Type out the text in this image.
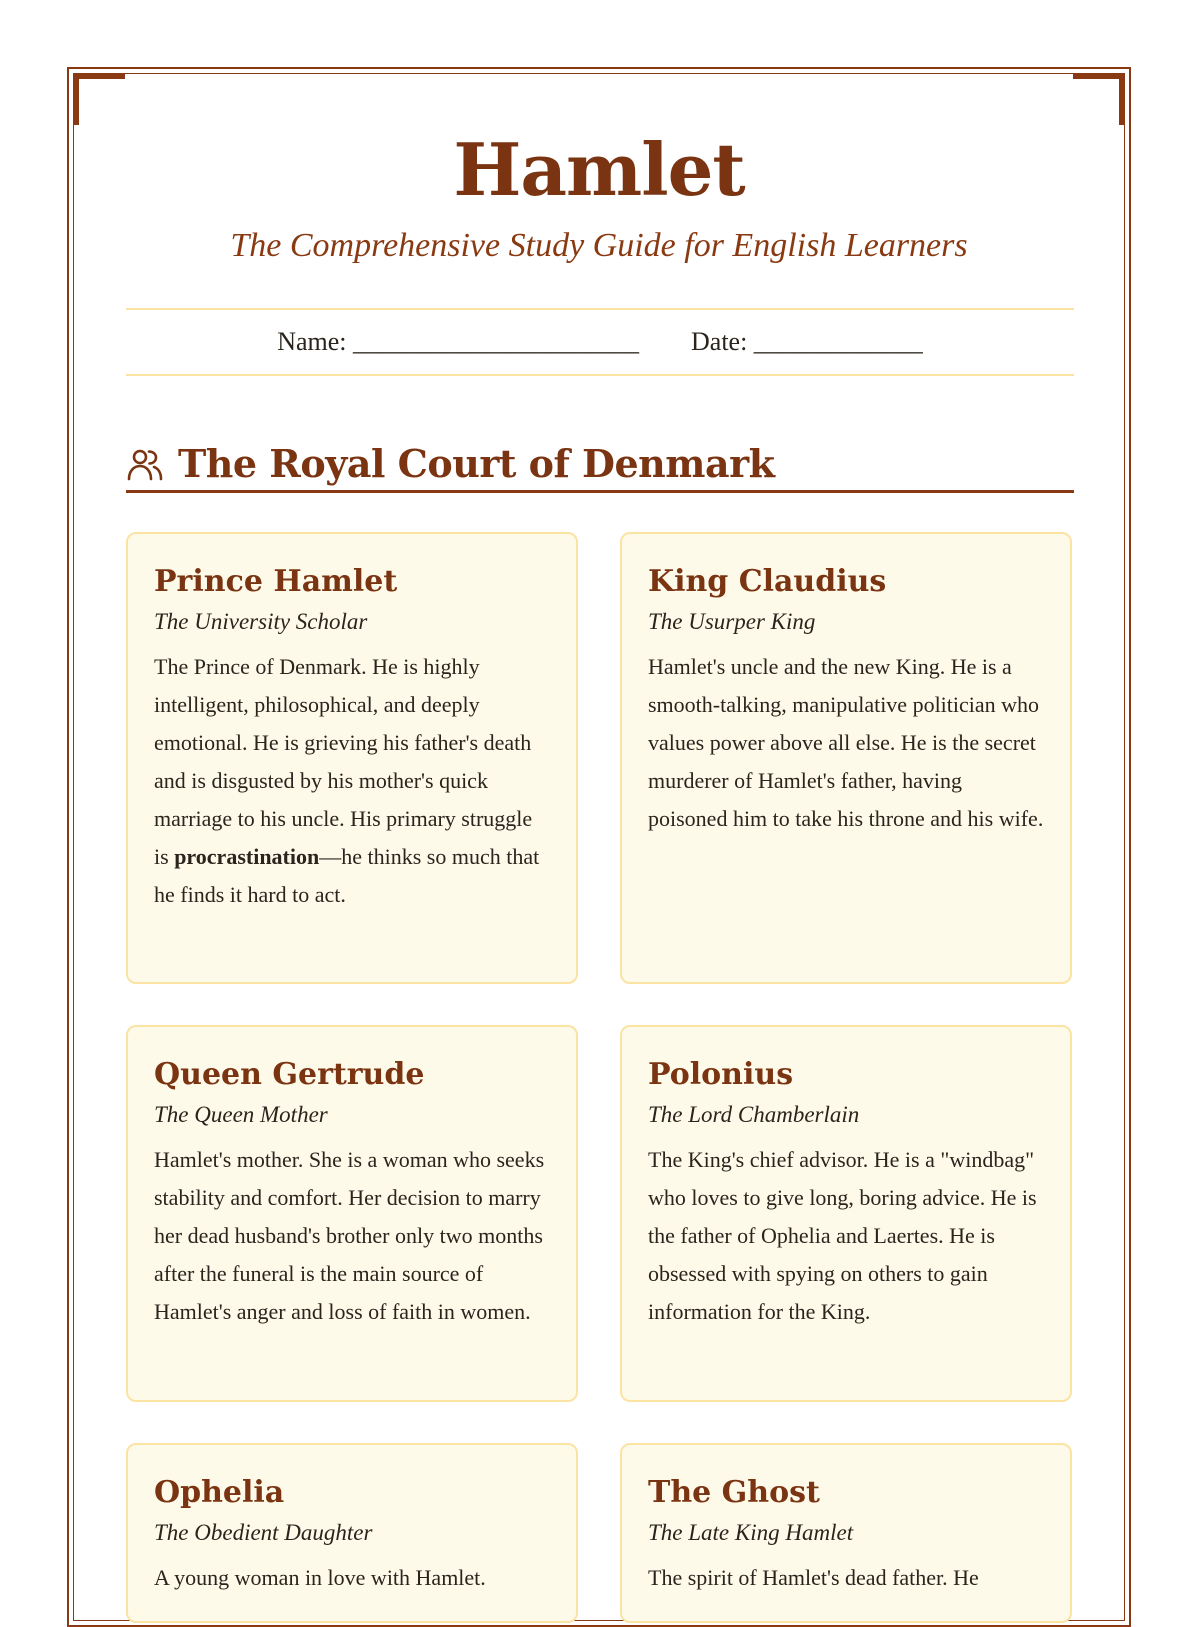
Hamlet

The Comprehensive Study Guide for English Learners

Name: ______________________ Date: _____________
The Royal Court of Denmark
Prince Hamlet

The University Scholar

The Prince of Denmark. He is highly intelligent, philosophical, and deeply emotional. He is grieving his father's death and is disgusted by his mother's quick marriage to his uncle. His primary struggle is procrastination—he thinks so much that he finds it hard to act.

King Claudius

The Usurper King

Hamlet's uncle and the new King. He is a smooth-talking, manipulative politician who values power above all else. He is the secret murderer of Hamlet's father, having poisoned him to take his throne and his wife.

Queen Gertrude

The Queen Mother

Hamlet's mother. She is a woman who seeks stability and comfort. Her decision to marry her dead husband's brother only two months after the funeral is the main source of Hamlet's anger and loss of faith in women.

Polonius

The Lord Chamberlain

The King's chief advisor. He is a "windbag" who loves to give long, boring advice. He is the father of Ophelia and Laertes. He is obsessed with spying on others to gain information for the King.

Ophelia

The Obedient Daughter

A young woman in love with Hamlet.

The Ghost

The Late King Hamlet

The spirit of Hamlet's dead father. He
